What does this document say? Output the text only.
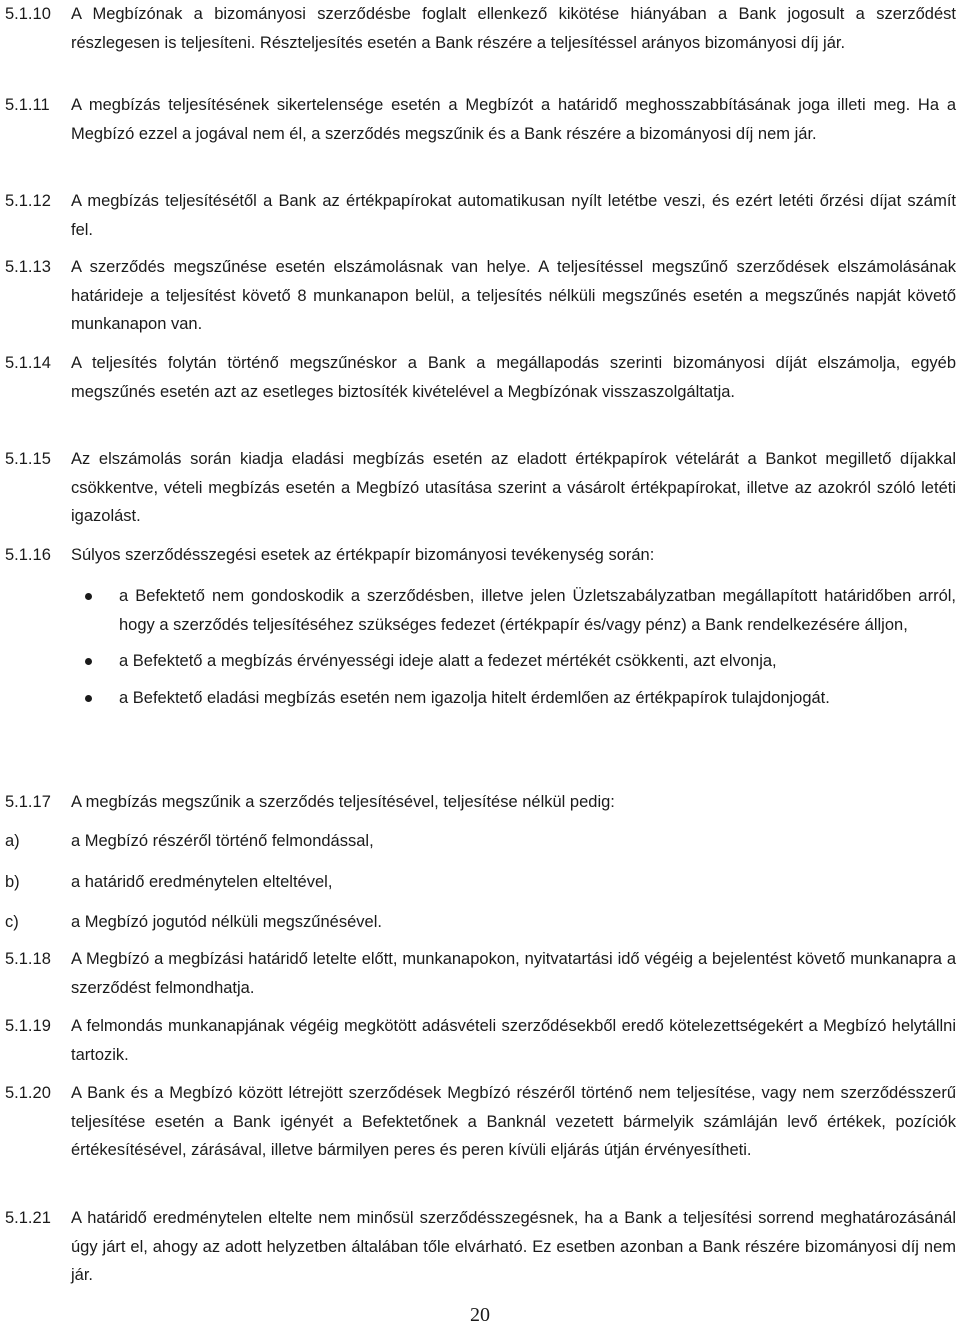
5.1.10 A Megbízónak a bizományosi szerződésbe foglalt ellenkező kikötése hiányában a Bank jogosult a szerződést részlegesen is teljesíteni. Részteljesítés esetén a Bank részére a teljesítéssel arányos bizományosi díj jár.
5.1.11 A megbízás teljesítésének sikertelensége esetén a Megbízót a határidő meghosszabbításának joga illeti meg. Ha a Megbízó ezzel a jogával nem él, a szerződés megszűnik és a Bank részére a bizományosi díj nem jár.
5.1.12 A megbízás teljesítésétől a Bank az értékpapírokat automatikusan nyílt letétbe veszi, és ezért letéti őrzési díjat számít fel.
5.1.13 A szerződés megszűnése esetén elszámolásnak van helye. A teljesítéssel megszűnő szerződések elszámolásának határideje a teljesítést követő 8 munkanapon belül, a teljesítés nélküli megszűnés esetén a megszűnés napját követő munkanapon van.
5.1.14 A teljesítés folytán történő megszűnéskor a Bank a megállapodás szerinti bizományosi díját elszámolja, egyéb megszűnés esetén azt az esetleges biztosíték kivételével a Megbízónak visszaszolgáltatja.
5.1.15 Az elszámolás során kiadja eladási megbízás esetén az eladott értékpapírok vételárát a Bankot megillető díjakkal csökkentve, vételi megbízás esetén a Megbízó utasítása szerint a vásárolt értékpapírokat, illetve az azokról szóló letéti igazolást.
5.1.16 Súlyos szerződésszegési esetek az értékpapír bizományosi tevékenység során:
a Befektető nem gondoskodik a szerződésben, illetve jelen Üzletszabályzatban megállapított határidőben arról, hogy a szerződés teljesítéséhez szükséges fedezet (értékpapír és/vagy pénz) a Bank rendelkezésére álljon,
a Befektető a megbízás érvényességi ideje alatt a fedezet mértékét csökkenti, azt elvonja,
a Befektető eladási megbízás esetén nem igazolja hitelt érdemlően az értékpapírok tulajdonjogát.
5.1.17 A megbízás megszűnik a szerződés teljesítésével, teljesítése nélkül pedig:
a)	a Megbízó részéről történő felmondással,
b)	a határidő eredménytelen elteltével,
c)	a Megbízó jogutód nélküli megszűnésével.
5.1.18 A Megbízó a megbízási határidő letelte előtt, munkanapokon, nyitvatartási idő végéig a bejelentést követő munkanapra a szerződést felmondhatja.
5.1.19 A felmondás munkanapjának végéig megkötött adásvételi szerződésekből eredő kötelezettségekért a Megbízó helytállni tartozik.
5.1.20 A Bank és a Megbízó között létrejött szerződések Megbízó részéről történő nem teljesítése, vagy nem szerződésszerű teljesítése esetén a Bank igényét a Befektetőnek a Banknál vezetett bármelyik számláján levő értékek, pozíciók értékesítésével, zárásával, illetve bármilyen peres és peren kívüli eljárás útján érvényesítheti.
5.1.21 A határidő eredménytelen eltelte nem minősül szerződésszegésnek, ha a Bank a teljesítési sorrend meghatározásánál úgy járt el, ahogy az adott helyzetben általában tőle elvárható. Ez esetben azonban a Bank részére bizományosi díj nem jár.
20
